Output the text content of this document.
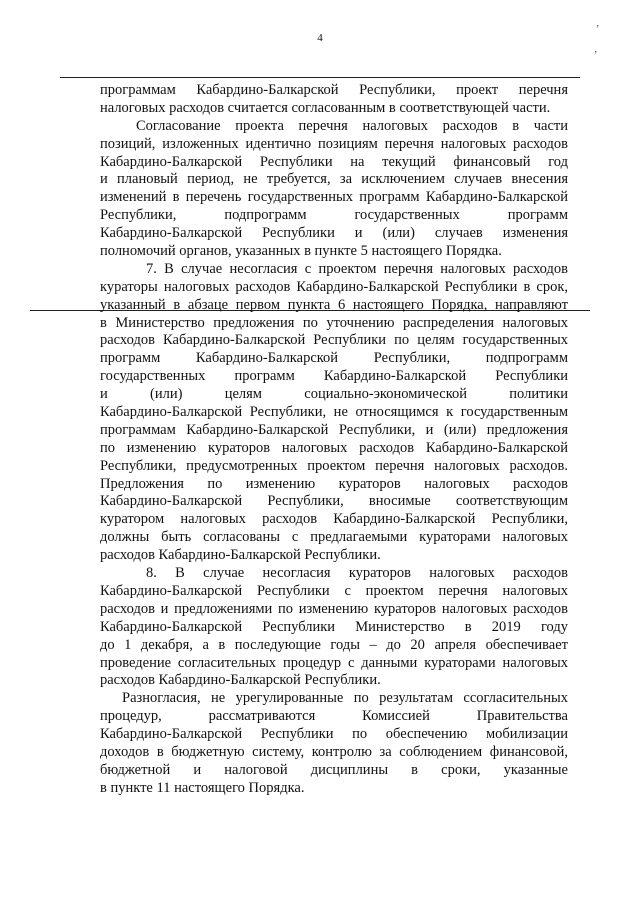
4
‚
‚
программам Кабардино-Балкарской Республики, проект перечня
налоговых расходов считается согласованным в соответствующей части.
Согласование проекта перечня налоговых расходов в части
позиций, изложенных идентично позициям перечня налоговых расходов
Кабардино-Балкарской Республики на текущий финансовый год
и плановый период, не требуется, за исключением случаев внесения
изменений в перечень государственных программ Кабардино-Балкарской
Республики, подпрограмм государственных программ
Кабардино-Балкарской Республики и (или) случаев изменения
полномочий органов, указанных в пункте 5 настоящего Порядка.
7. В случае несогласия с проектом перечня налоговых расходов
кураторы налоговых расходов Кабардино-Балкарской Республики в срок,
указанный в абзаце первом пункта 6 настоящего Порядка, направляют
в Министерство предложения по уточнению распределения налоговых
расходов Кабардино-Балкарской Республики по целям государственных
программ Кабардино-Балкарской Республики, подпрограмм
государственных программ Кабардино-Балкарской Республики
и (или) целям социально-экономической политики
Кабардино-Балкарской Республики, не относящимся к государственным
программам Кабардино-Балкарской Республики, и (или) предложения
по изменению кураторов налоговых расходов Кабардино-Балкарской
Республики, предусмотренных проектом перечня налоговых расходов.
Предложения по изменению кураторов налоговых расходов
Кабардино-Балкарской Республики, вносимые соответствующим
куратором налоговых расходов Кабардино-Балкарской Республики,
должны быть согласованы с предлагаемыми кураторами налоговых
расходов Кабардино-Балкарской Республики.
8. В случае несогласия кураторов налоговых расходов
Кабардино-Балкарской Республики с проектом перечня налоговых
расходов и предложениями по изменению кураторов налоговых расходов
Кабардино-Балкарской Республики Министерство в 2019 году
до 1 декабря, а в последующие годы – до 20 апреля обеспечивает
проведение согласительных процедур с данными кураторами налоговых
расходов Кабардино-Балкарской Республики.
Разногласия, не урегулированные по результатам ссогласительных
процедур, рассматриваются Комиссией Правительства
Кабардино-Балкарской Республики по обеспечению мобилизации
доходов в бюджетную систему, контролю за соблюдением финансовой,
бюджетной и налоговой дисциплины в сроки, указанные
в пункте 11 настоящего Порядка.
